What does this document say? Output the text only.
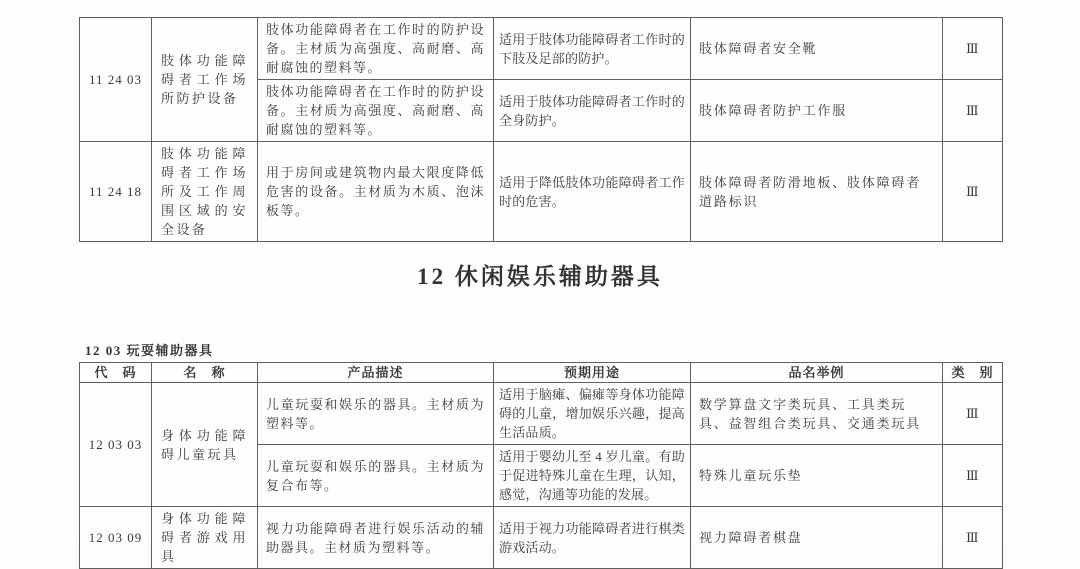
11 24 03	肢体功能障碍者工作场所防护设备	肢体功能障碍者在工作时的防护设备。主材质为高强度、高耐磨、高耐腐蚀的塑料等。	适用于肢体功能障碍者工作时的下肢及足部的防护。	肢体障碍者安全靴	Ⅲ
		肢体功能障碍者在工作时的防护设备。主材质为高强度、高耐磨、高耐腐蚀的塑料等。	适用于肢体功能障碍者工作时的全身防护。	肢体障碍者防护工作服	Ⅲ
11 24 18	肢体功能障碍者工作场所及工作周围区域的安全设备	用于房间或建筑物内最大限度降低危害的设备。主材质为木质、泡沫板等。	适用于降低肢体功能障碍者工作时的危害。	肢体障碍者防滑地板、肢体障碍者道路标识	Ⅲ
12 休闲娱乐辅助器具
12 03 玩耍辅助器具
代　码	名　称	产品描述	预期用途	品名举例	类　别
12 03 03	身体功能障碍儿童玩具	儿童玩耍和娱乐的器具。主材质为塑料等。	适用于脑瘫、偏瘫等身体功能障碍的儿童，增加娱乐兴趣，提高生活品质。	数学算盘文字类玩具、工具类玩具、益智组合类玩具、交通类玩具	Ⅲ
		儿童玩耍和娱乐的器具。主材质为复合布等。	适用于婴幼儿至 4 岁儿童。有助于促进特殊儿童在生理，认知，感觉，沟通等功能的发展。	特殊儿童玩乐垫	Ⅲ
12 03 09	身体功能障碍者游戏用具	视力功能障碍者进行娱乐活动的辅助器具。主材质为塑料等。	适用于视力功能障碍者进行棋类游戏活动。	视力障碍者棋盘	Ⅲ
